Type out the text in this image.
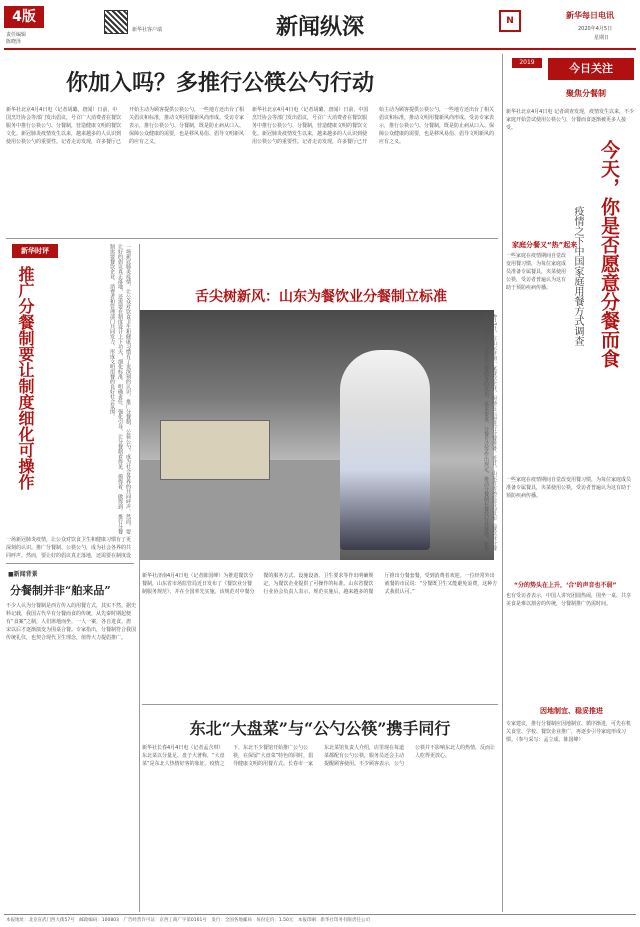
4版
责任编辑
陈晓泽
新华社客户端	新闻纵深	N
新华每日电讯
2020年4月5日
星期日
你加入吗？多推行公筷公勺行动
新华社北京4月4日电（记者胡璐、唐闻）日前，中国烹饪协会等部门发出倡议，号召广大消费者在餐饮服务中推行公筷公勺、分餐制，营造健康文明的餐饮文化。新冠肺炎疫情发生以来，越来越多的人认识到使用公筷公勺的重要性。记者走访发现，许多餐厅已开始主动为顾客提供公筷公勺，一些地方还出台了相关倡议和标准，推动文明用餐新风尚形成。受访专家表示，推行公筷公勺、分餐制，既是防止病从口入、保障公众健康的需要，也是移风易俗、倡导文明新风的应有之义。
新华社北京4月4日电（记者胡璐、唐闻）日前，中国烹饪协会等部门发出倡议，号召广大消费者在餐饮服务中推行公筷公勺、分餐制，营造健康文明的餐饮文化。新冠肺炎疫情发生以来，越来越多的人认识到使用公筷公勺的重要性。记者走访发现，许多餐厅已开始主动为顾客提供公筷公勺，一些地方还出台了相关倡议和标准，推动文明用餐新风尚形成。受访专家表示，推行公筷公勺、分餐制，既是防止病从口入、保障公众健康的需要，也是移风易俗、倡导文明新风的应有之义。
新华时评
推广分餐制要让制度细化可操作	一场新冠肺炎疫情，让公众对饮食卫生和健康习惯有了更深刻的认识。推广分餐制、公筷公勺，成为社会各界的共同呼声。然而，要让好的倡议真正落地，还需要在制度设计上下功夫，细化标准、明确责任、强化引导，让分餐制看得见、摸得着、做得到。推行分餐制需要餐饮企业、消费者和管理部门共同发力，形成文明用餐的良好社会氛围。
一场新冠肺炎疫情，让公众对饮食卫生和健康习惯有了更深刻的认识。推广分餐制、公筷公勺，成为社会各界的共同呼声。然而，要让好的倡议真正落地，还需要在制度设
■新闻背景
分餐制并非“舶来品”
不少人认为分餐制是西方传入的用餐方式，其实不然。据史料记载，我国古代早有分餐而食的传统，从先秦时期起便有“食案”之制，人们席地而坐，一人一案，各自进食。唐宋以后才逐渐演变为围桌合餐。专家指出，分餐制符合我国传统礼仪，也契合现代卫生理念，值得大力提倡推广。
舌尖树新风：山东为餐饮业分餐制立标准
4月3日，在山东济南一家餐饮企业，厨师在后厨进行分餐准备。近日，山东省市场监管局发布《餐饮业分餐制服务规范》，对餐饮分餐服务的术语、基本要求、分餐方式等作出规定，推动分餐制在餐饮行业落地。新华
新华社济南4月4日电（记者陈国峰）为推进餐饮分餐制，山东省市场监管局近日发布了《餐饮业分餐制服务规范》，并在全国率先实施。该规范对中餐分餐的服务方式、设施设备、卫生要求等作出明确规定，为餐饮企业提供了可操作的标准。山东省餐饮行业协会负责人表示，规范实施后，越来越多的餐厅推出分餐套餐，受到消费者欢迎。一位经常外出就餐的市民说：“分餐既卫生又能避免浪费，这种方式我很认可。”
2019	今日关注
聚焦分餐制
新华社北京4月4日电 记者调查发现，疫情发生以来，不少家庭开始尝试使用公筷公勺，分餐而食逐渐被更多人接受。
今天，你是否愿意分餐而食
疫情之下中国家庭用餐方式调查
家庭分餐又“热”起来
一些家庭在疫情期间自觉改变用餐习惯，为每位家庭成员准备专属餐具，夹菜使用公筷，受访者普遍认为这有助于预防疾病传播。
一些家庭在疫情期间自觉改变用餐习惯，为每位家庭成员准备专属餐具，夹菜使用公筷，受访者普遍认为这有助于预防疾病传播。
“分的势头在上升，‘合’的声音也不弱”
也有受访者表示，中国人讲究团圆热闹，围坐一桌、共享美食是难以割舍的传统，分餐制推广仍需时间。
因地制宜、稳妥推进
专家建议，推行分餐制应因地制宜、循序渐进，可先在机关食堂、学校、餐饮企业推广，再逐步引导家庭形成习惯。（参与采写：孟立成、陈国峰）
东北“大盘菜”与“公勺公筷”携手同行
新华社长春4月4日电（记者孟含琪）东北菜以分量足、盘子大著称，“大盘菜”是东北人热情好客的象征。疫情之下，东北不少餐馆开始推广公勺公筷，在保留“大盘菜”特色的同时，倡导健康文明的用餐方式。长春市一家东北菜馆负责人介绍，店里现在每道菜都配有公勺公筷，服务员还会主动提醒顾客使用。不少顾客表示，公勺公筷并不影响东北人的热情，反而让人吃得更放心。
本报地址：北京宣武门西大街57号　邮政编码：100803　广告经营许可证：京西工商广字第0161号　发行：全国各地邮局　每份定价：1.50元　本报印刷：新华社印务有限责任公司
